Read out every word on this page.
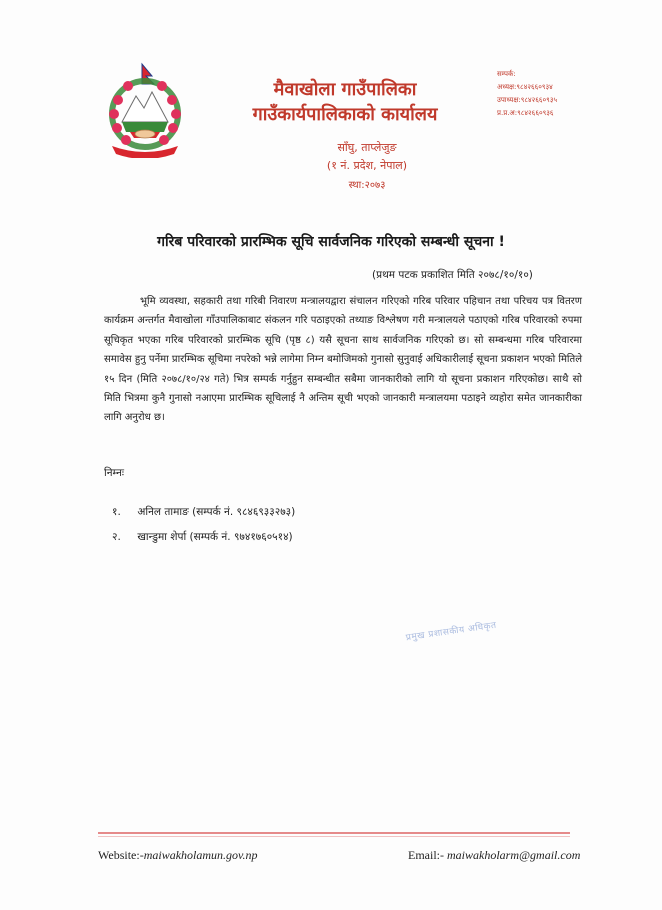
मैवाखोला गाउँपालिका
गाउँकार्यपालिकाको कार्यालय
साँघु, ताप्लेजुङ
(१ नं. प्रदेश, नेपाल)
स्था:२०७३
सम्पर्क:
अध्यक्ष:९८४२६६०९३४
उपाध्यक्ष:९८४२६६०९३५
प्र.प्र.अ:९८४२६६०९३६
गरिब परिवारको प्रारम्भिक सूचि सार्वजनिक गरिएको सम्बन्धी सूचना !
(प्रथम पटक प्रकाशित मिति २०७८/१०/१०)
भूमि व्यवस्था, सहकारी तथा गरिबी निवारण मन्त्रालयद्वारा संचालन गरिएको गरिब परिवार पहिचान तथा परिचय पत्र वितरण कार्यक्रम अन्तर्गत मैवाखोला गाँउपालिकाबाट संकलन गरि पठाइएको तथ्याङ विश्लेषण गरी मन्त्रालयले पठाएको गरिब परिवारको रुपमा सूचिकृत भएका गरिब परिवारको प्रारम्भिक सूचि (पृष्ठ ८) यसै सूचना साथ सार्वजनिक गरिएको छ। सो सम्बन्धमा गरिब परिवारमा समावेस हुनु पर्नेमा प्रारम्भिक सूचिमा नपरेको भन्ने लागेमा निम्न बमोजिमको गुनासो सुनुवाई अधिकारीलाई सूचना प्रकाशन भएको मितिले १५ दिन (मिति २०७८/१०/२४ गते) भित्र सम्पर्क गर्नुहुन सम्बन्धीत सबैमा जानकारीको लागि यो सूचना प्रकाशन गरिएकोछ। साथै सो मिति भित्रमा कुनै गुनासो नआएमा प्रारम्भिक सूचिलाई नै अन्तिम सूची भएको जानकारी मन्त्रालयमा पठाइने व्यहोरा समेत जानकारीका लागि अनुरोध छ।
निम्नः
१. अनिल तामाङ (सम्पर्क नं. ९८४६९३३२७३)
२. खान्डुमा शेर्पा (सम्पर्क नं. ९७४१७६०५१४)
प्रमुख प्रशासकीय अधिकृत
Website:-maiwakholamun.gov.np	Email:- maiwakholarm@gmail.com
